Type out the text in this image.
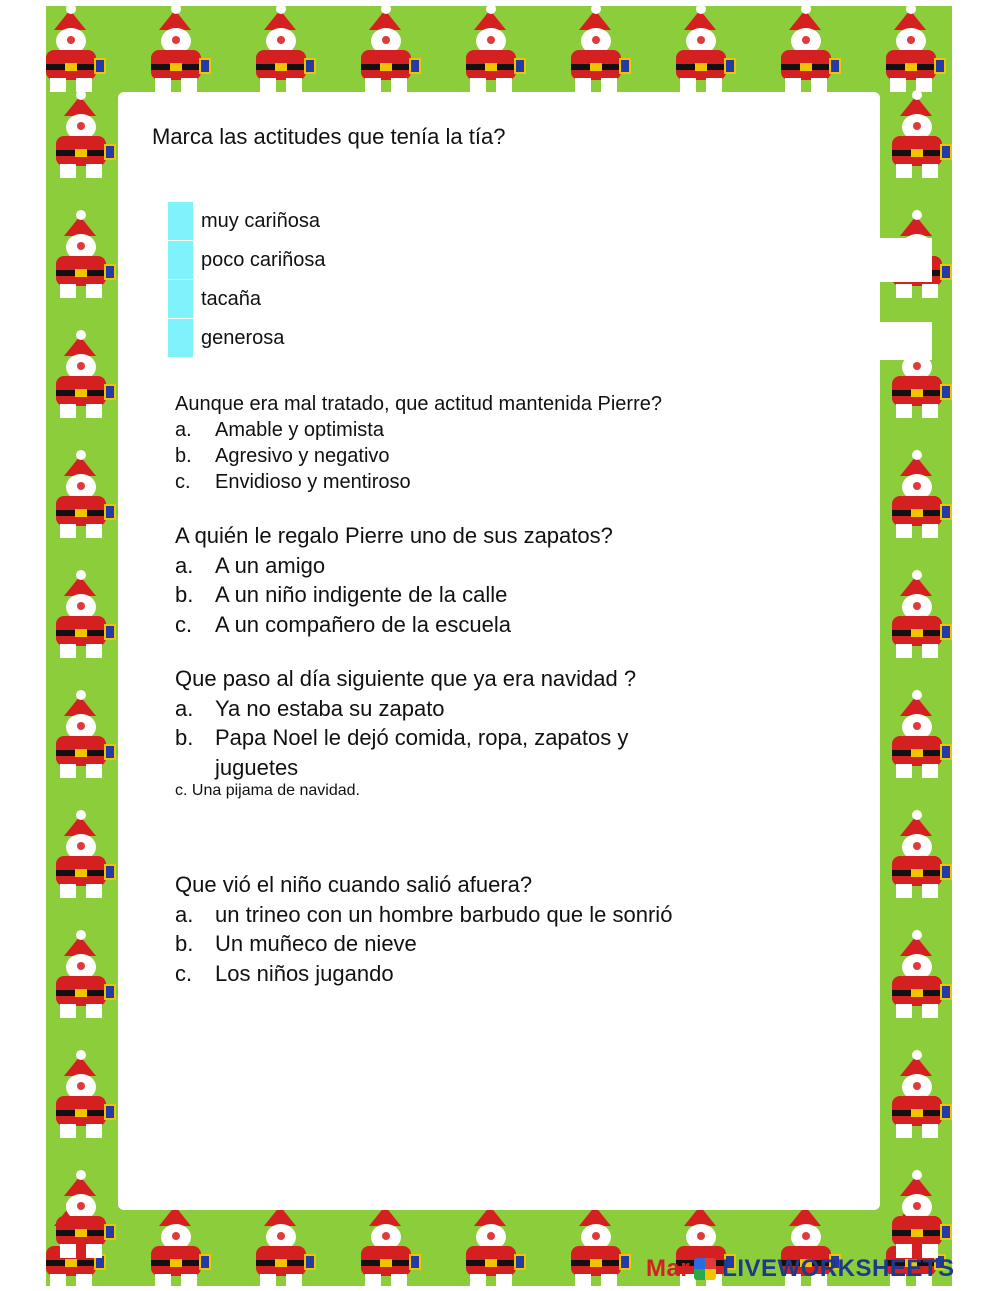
Marca las actitudes que tenía la tía?
muy cariñosa
poco cariñosa
tacaña
generosa
Aunque era mal tratado, que actitud mantenida Pierre?
a.	Amable y optimista
b.	Agresivo y negativo
c.	Envidioso y mentiroso
A quién le regalo Pierre uno de sus zapatos?
a. A un amigo
b. A un niño indigente de la calle
c.	A un compañero de la escuela
Que paso al día siguiente que ya era navidad ?
a. Ya no estaba su zapato
b. Papa Noel le dejó comida, ropa, zapatos y
juguetes
c. Una pijama de navidad.
Que vió el niño cuando salió afuera?
a. un trineo con un hombre barbudo que le sonrió
b. Un muñeco de nieve
c.	Los niños jugando
Mar LIVEWORKSHEETS
